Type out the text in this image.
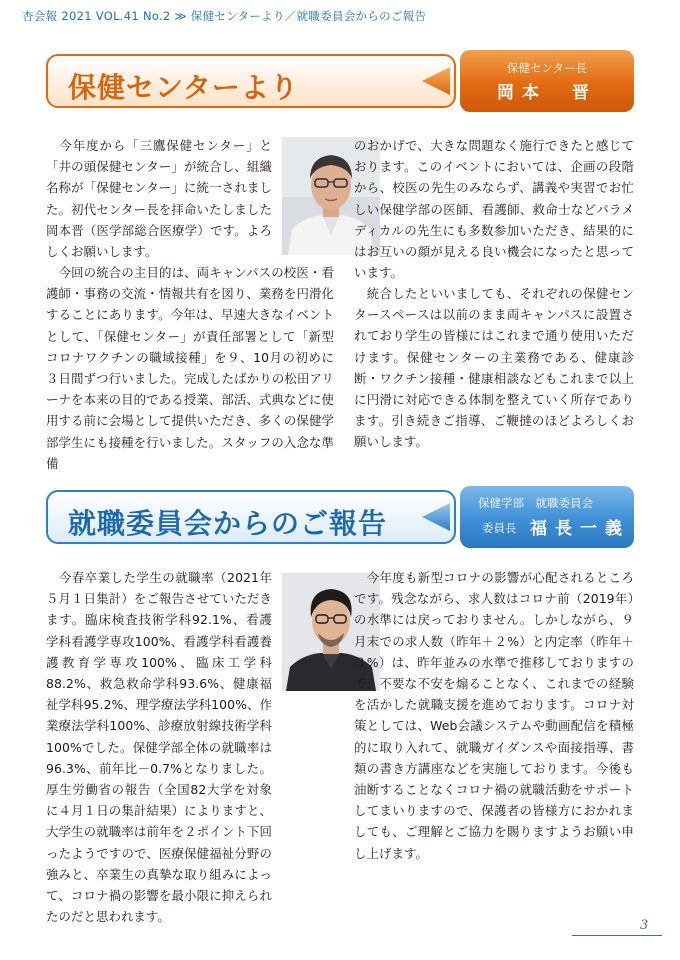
杏会報 2021 VOL.41 No.2 ≫ 保健センターより／就職委員会からのご報告
保健センターより
保健センター長
岡本　晋

　今年度から「三鷹保健センター」と「井の頭保健センター」が統合し、組織名称が「保健センター」に統一されました。初代センター長を拝命いたしました岡本晋（医学部総合医療学）です。よろしくお願いします。

　今回の統合の主目的は、両キャンパスの校医・看護師・事務の交流・情報共有を図り、業務を円滑化することにあります。今年は、早速大きなイベントとして、「保健センター」が責任部署として「新型コロナワクチンの職域接種」を９、10月の初めに３日間ずつ行いました。完成したばかりの松田アリーナを本来の目的である授業、部活、式典などに使用する前に会場として提供いただき、多くの保健学部学生にも接種を行いました。スタッフの入念な準備

のおかげで、大きな問題なく施行できたと感じております。このイベントにおいては、企画の段階から、校医の先生のみならず、講義や実習でお忙しい保健学部の医師、看護師、救命士などパラメディカルの先生にも多数参加いただき、結果的にはお互いの顔が見える良い機会になったと思っています。

　統合したといいましても、それぞれの保健センタースペースは以前のまま両キャンパスに設置されており学生の皆様にはこれまで通り使用いただけます。保健センターの主業務である、健康診断・ワクチン接種・健康相談などもこれまで以上に円滑に対応できる体制を整えていく所存であります。引き続きご指導、ご鞭撻のほどよろしくお願いします。

就職委員会からのご報告
保健学部　就職委員会
委員長 福長一義

　今春卒業した学生の就職率（2021年５月１日集計）をご報告させていただきます。臨床検査技術学科92.1%、看護学科看護学専攻100%、看護学科看護養護教育学専攻100%、臨床工学科88.2%、救急救命学科93.6%、健康福祉学科95.2%、理学療法学科100%、作業療法学科100%、診療放射線技術学科100%でした。保健学部全体の就職率は96.3%、前年比－0.7%となりました。厚生労働省の報告（全国82大学を対象に４月１日の集計結果）によりますと、大学生の就職率は前年を２ポイント下回ったようですので、医療保健福祉分野の強みと、卒業生の真摯な取り組みによって、コロナ禍の影響を最小限に抑えられたのだと思われます。

　今年度も新型コロナの影響が心配されるところです。残念ながら、求人数はコロナ前（2019年）の水準には戻っておりません。しかしながら、９月末での求人数（昨年＋２%）と内定率（昨年＋３%）は、昨年並みの水準で推移しておりますので、不要な不安を煽ることなく、これまでの経験を活かした就職支援を進めております。コロナ対策としては、Web会議システムや動画配信を積極的に取り入れて、就職ガイダンスや面接指導、書類の書き方講座などを実施しております。今後も油断することなくコロナ禍の就職活動をサポートしてまいりますので、保護者の皆様方におかれましても、ご理解とご協力を賜りますようお願い申し上げます。

3
